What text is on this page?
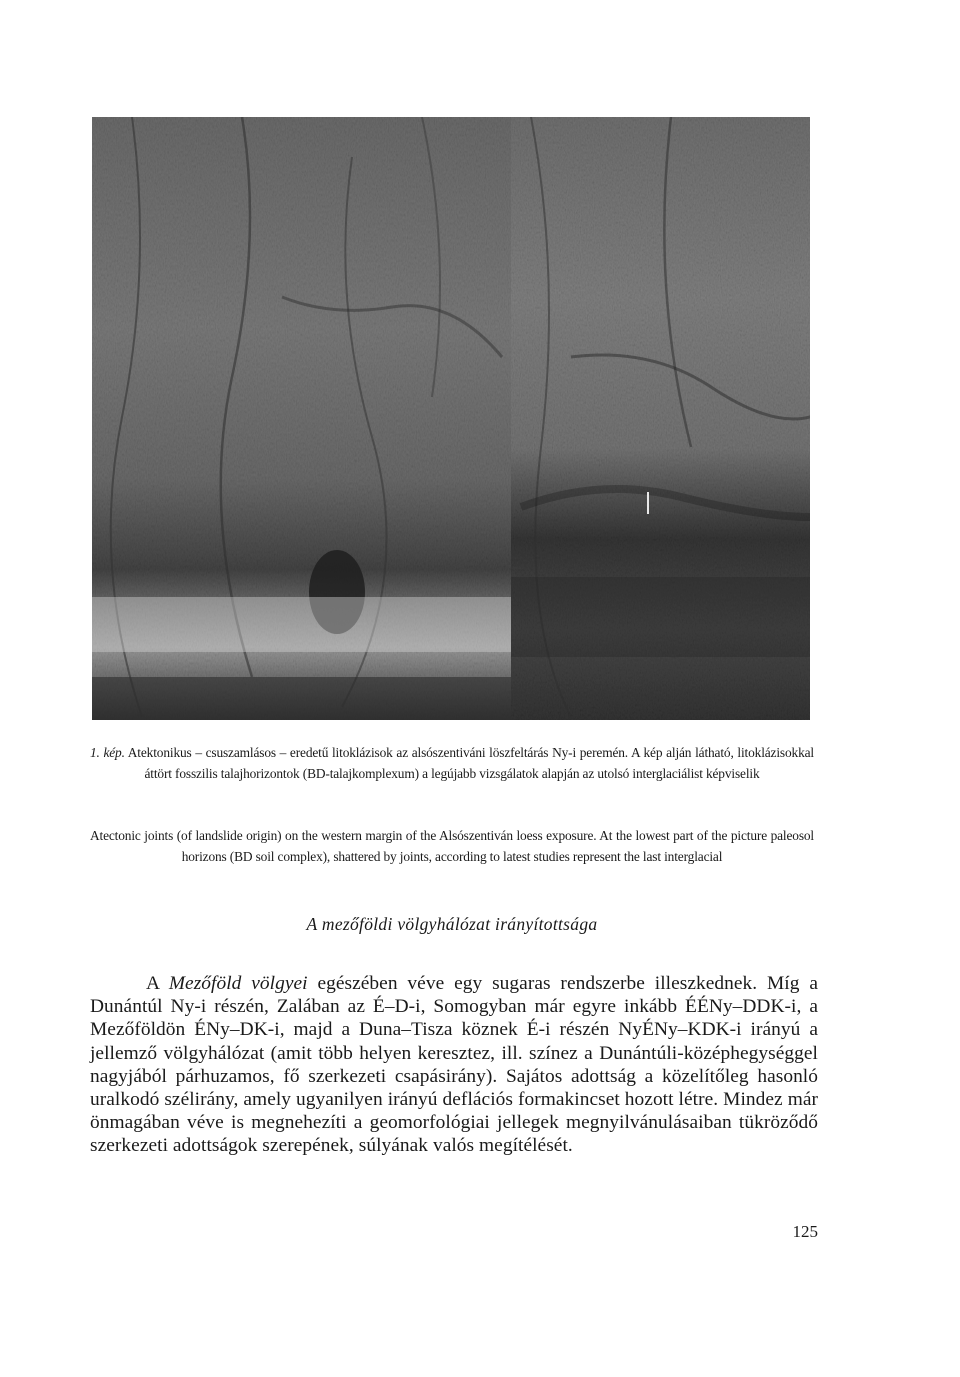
1. kép. Atektonikus – csuszamlásos – eredetű litoklázisok az alsószentiváni löszfeltárás Ny-i peremén. A kép alján látható, litoklázisokkal áttört fosszilis talajhorizontok (BD-talajkomplexum) a legújabb vizsgálatok alapján az utolsó interglaciálist képviselik
Atectonic joints (of landslide origin) on the western margin of the Alsószentiván loess exposure. At the lowest part of the picture paleosol horizons (BD soil complex), shattered by joints, according to latest studies represent the last interglacial
A mezőföldi völgyhálózat irányítottsága
A Mezőföld völgyei egészében véve egy sugaras rendszerbe illeszkednek. Míg a Dunántúl Ny-i részén, Zalában az É–D-i, Somogyban már egyre inkább ÉÉNy–DDK-i, a Mezőföldön ÉNy–DK-i, majd a Duna–Tisza köznek É-i részén NyÉNy–KDK-i irányú a jellemző völgyhálózat (amit több helyen keresztez, ill. színez a Dunántúli-középhegységgel nagyjából párhuzamos, fő szerkezeti csapásirány). Sajátos adottság a közelítőleg hasonló uralkodó szélirány, amely ugyanilyen irányú deflációs formakincset hozott létre. Mindez már önmagában véve is megnehezíti a geomorfológiai jellegek megnyilvánulásaiban tükröződő szerkezeti adottságok szerepének, súlyának valós megítélését.
125
